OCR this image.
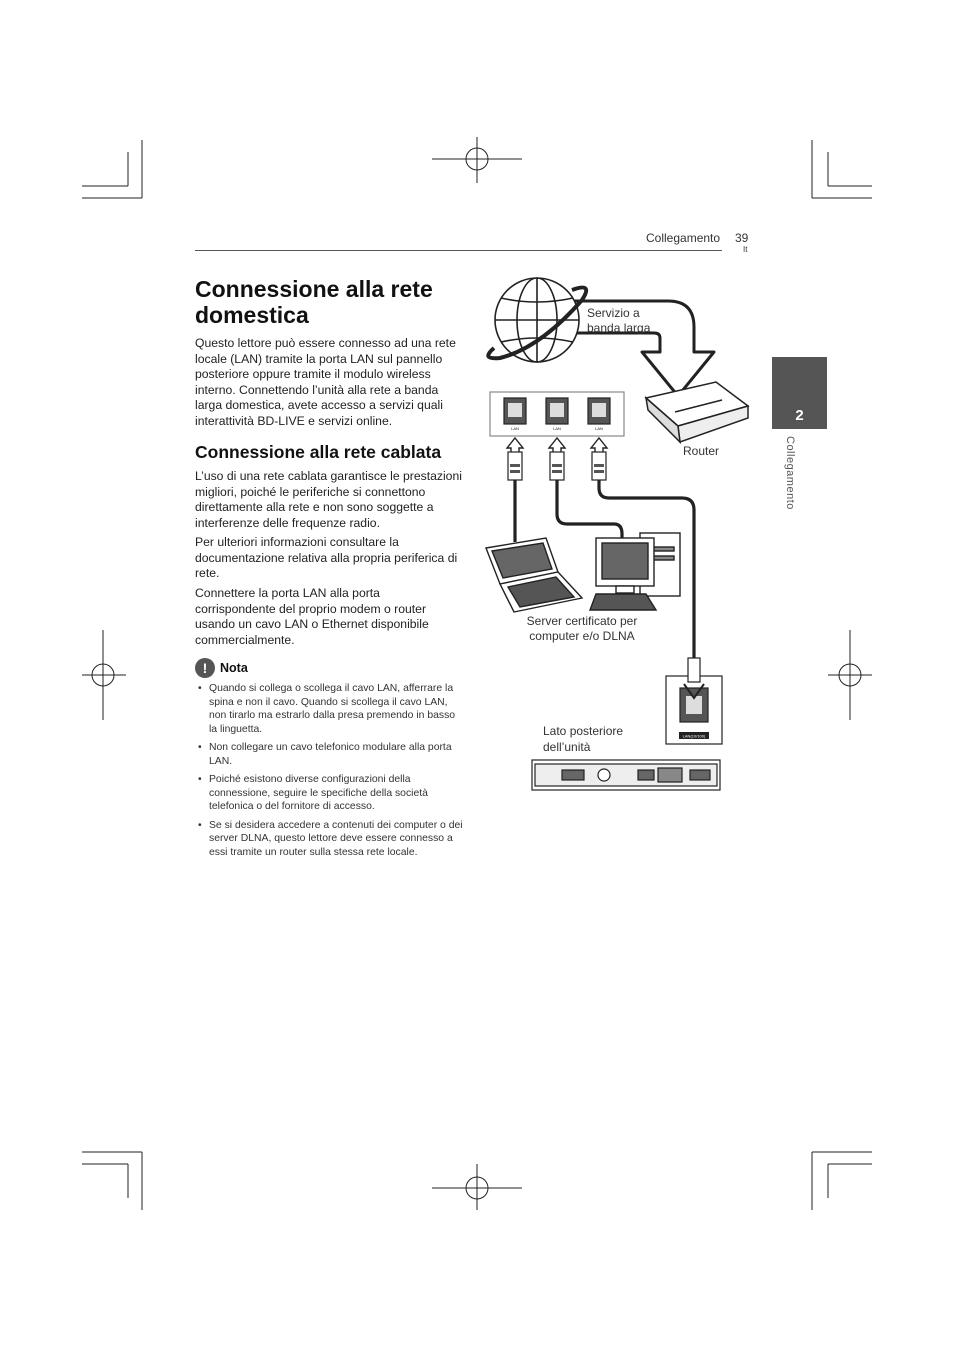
Collegamento 39
It
2
Collegamento
Connessione alla rete domestica
Questo lettore può essere connesso ad una rete locale (LAN) tramite la porta LAN sul pannello posteriore oppure tramite il modulo wireless interno. Connettendo l’unità alla rete a banda larga domestica, avete accesso a servizi quali interattività BD-LIVE e servizi online.
Connessione alla rete cablata
L’uso di una rete cablata garantisce le prestazioni migliori, poiché le periferiche si connettono direttamente alla rete e non sono soggette a interferenze delle frequenze radio.
Per ulteriori informazioni consultare la documentazione relativa alla propria periferica di rete.
Connettere la porta LAN alla porta corrispondente del proprio modem o router usando un cavo LAN o Ethernet disponibile commercialmente.
!	Nota
• Quando si collega o scollega il cavo LAN, afferrare la spina e non il cavo. Quando si scollega il cavo LAN, non tirarlo ma estrarlo dalla presa premendo in basso la linguetta.
• Non collegare un cavo telefonico modulare alla porta LAN.
• Poiché esistono diverse configurazioni della connessione, seguire le specifiche della società telefonica o del fornitore di accesso.
• Se si desidera accedere a contenuti dei computer o dei server DLNA, questo lettore deve essere connesso a essi tramite un router sulla stessa rete locale.
LAN	LAN	LAN
LAN(10/100)
Servizio a
banda larga
Router
Server certificato per
computer e/o DLNA
Lato posteriore
dell’unità
